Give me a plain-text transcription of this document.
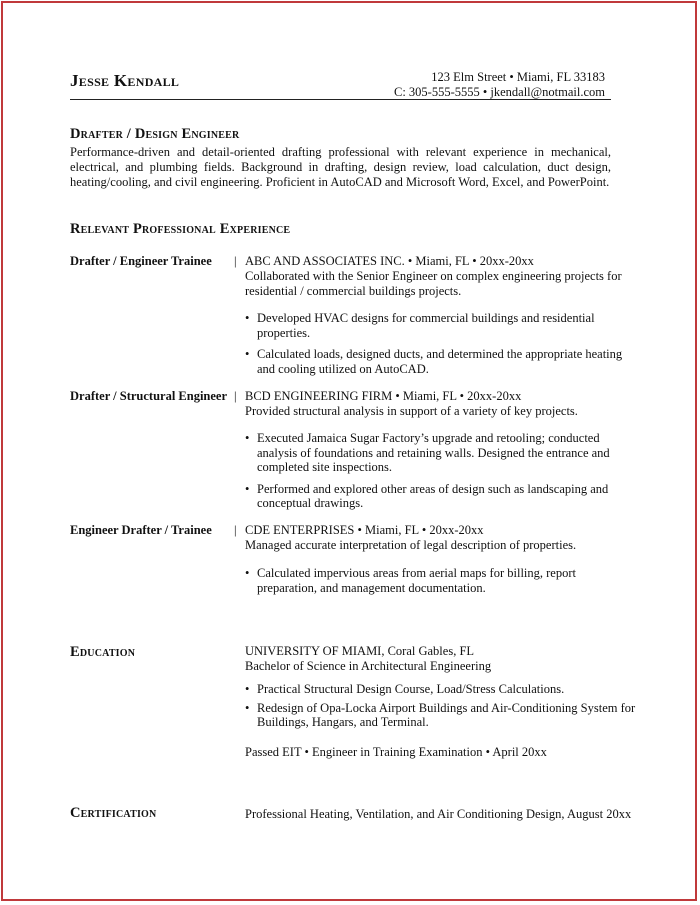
Jesse Kendall	123 Elm Street • Miami, FL 33183
C: 305-555-5555 • jkendall@notmail.com
Drafter / Design Engineer
Performance-driven and detail-oriented drafting professional with relevant experience in mechanical, electrical, and plumbing fields. Background in drafting, design review, load calculation, duct design, heating/cooling, and civil engineering. Proficient in AutoCAD and Microsoft Word, Excel, and PowerPoint.
Relevant Professional Experience
Drafter / Engineer Trainee | ABC AND ASSOCIATES INC. • Miami, FL • 20xx-20xx
Collaborated with the Senior Engineer on complex engineering projects for residential / commercial buildings projects.
• Developed HVAC designs for commercial buildings and residential properties.
• Calculated loads, designed ducts, and determined the appropriate heating and cooling utilized on AutoCAD.
Drafter / Structural Engineer | BCD ENGINEERING FIRM • Miami, FL • 20xx-20xx
Provided structural analysis in support of a variety of key projects.
• Executed Jamaica Sugar Factory’s upgrade and retooling; conducted analysis of foundations and retaining walls. Designed the entrance and completed site inspections.
• Performed and explored other areas of design such as landscaping and conceptual drawings.
Engineer Drafter / Trainee | CDE ENTERPRISES • Miami, FL • 20xx-20xx
Managed accurate interpretation of legal description of properties.
• Calculated impervious areas from aerial maps for billing, report preparation, and management documentation.
Education	UNIVERSITY OF MIAMI, Coral Gables, FL
Bachelor of Science in Architectural Engineering
• Practical Structural Design Course, Load/Stress Calculations.
• Redesign of Opa-Locka Airport Buildings and Air-Conditioning System for Buildings, Hangars, and Terminal.
Passed EIT • Engineer in Training Examination • April 20xx
Certification	Professional Heating, Ventilation, and Air Conditioning Design, August 20xx
